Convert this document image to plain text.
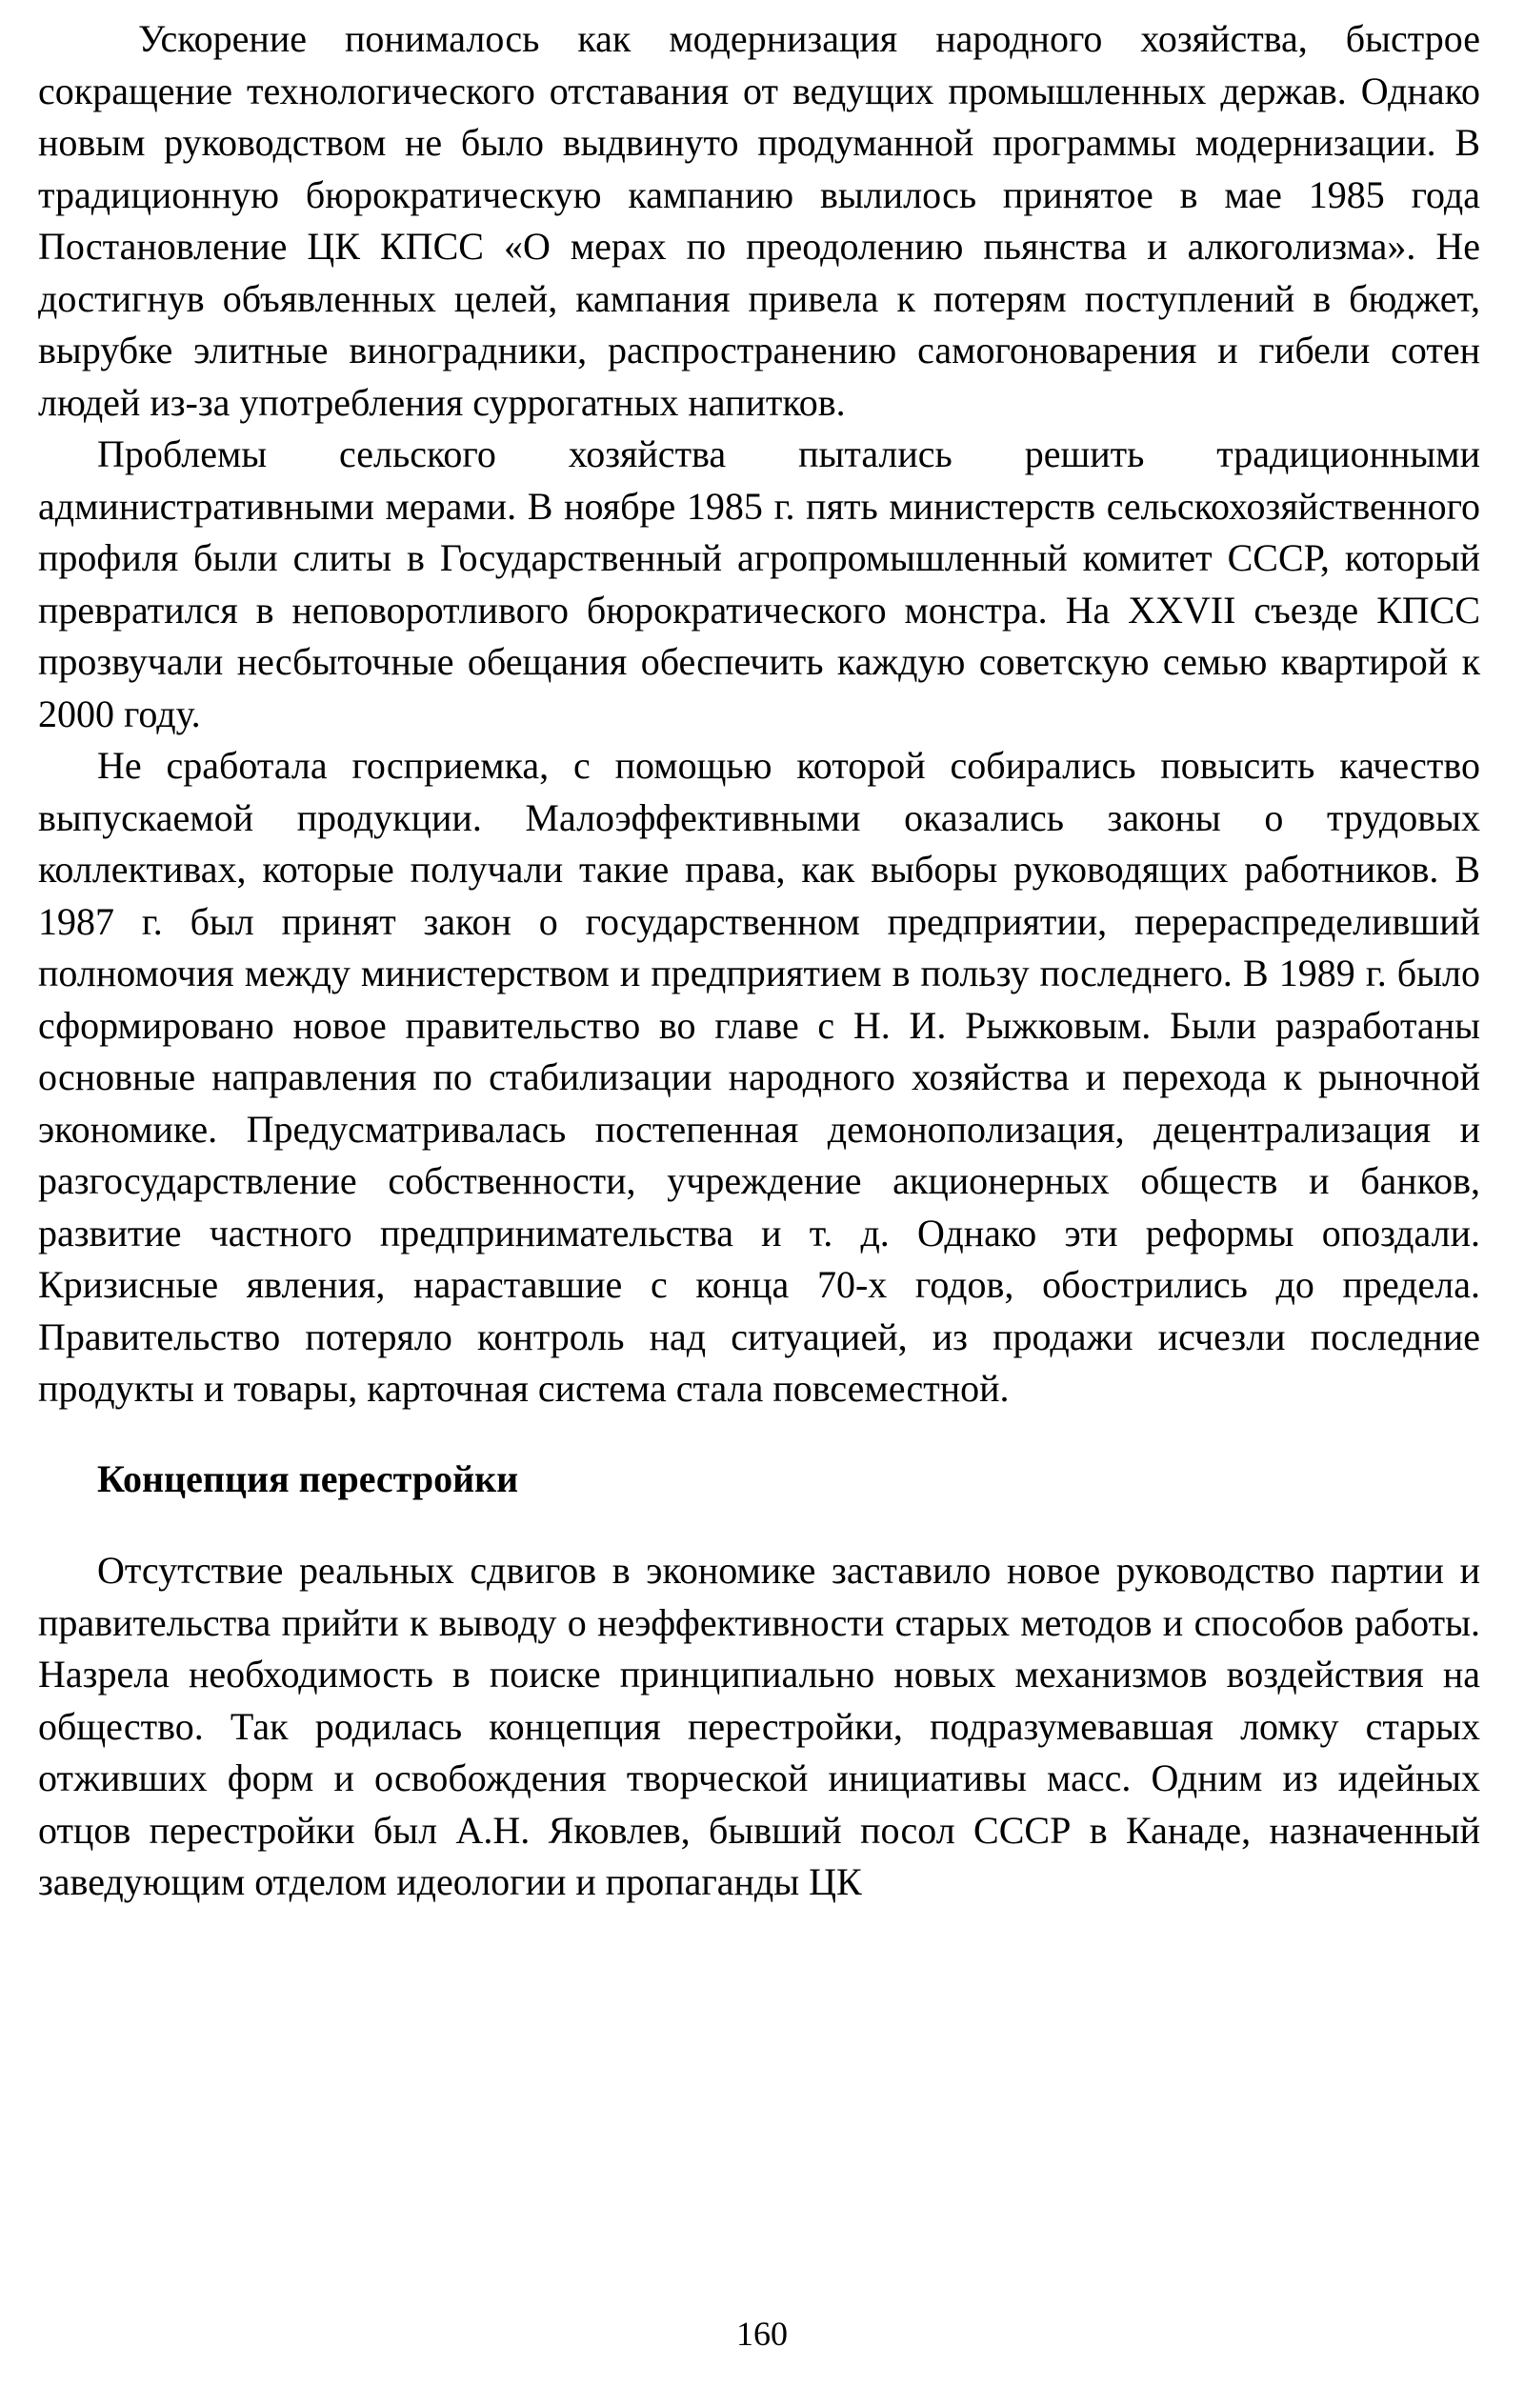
Ускорение понималось как модернизация народного хозяйства, быстрое сокращение технологического отставания от ведущих промышленных держав. Однако новым руководством не было выдвинуто продуманной программы модернизации. В традиционную бюрократическую кампанию вылилось принятое в мае 1985 года Постановление ЦК КПСС «О мерах по преодолению пьянства и алкоголизма». Не достигнув объявленных целей, кампания привела к потерям поступлений в бюджет, вырубке элитные виноградники, распространению самогоноварения и гибели сотен людей из-за употребления суррогатных напитков.

Проблемы сельского хозяйства пытались решить традиционными административными мерами. В ноябре 1985 г. пять министерств сельскохозяйственного профиля были слиты в Государственный агропромышленный комитет СССР, который превратился в неповоротливого бюрократического монстра. На XXVII съезде КПСС прозвучали несбыточные обещания обеспечить каждую советскую семью квартирой к 2000 году.

Не сработала госприемка, с помощью которой собирались повысить качество выпускаемой продукции. Малоэффективными оказались законы о трудовых коллективах, которые получали такие права, как выборы руководящих работников. В 1987 г. был принят закон о государственном предприятии, перераспределивший полномочия между министерством и предприятием в пользу последнего. В 1989 г. было сформировано новое правительство во главе с Н. И. Рыжковым. Были разработаны основные направления по стабилизации народного хозяйства и перехода к рыночной экономике. Предусматривалась постепенная демонополизация, децентрализация и разгосударствление собственности, учреждение акционерных обществ и банков, развитие частного предпринимательства и т. д. Однако эти реформы опоздали. Кризисные явления, нараставшие с конца 70-х годов, обострились до предела. Правительство потеряло контроль над ситуацией, из продажи исчезли последние продукты и товары, карточная система стала повсеместной.

Концепция перестройки

Отсутствие реальных сдвигов в экономике заставило новое руководство партии и правительства прийти к выводу о неэффективности старых методов и способов работы. Назрела необходимость в поиске принципиально новых механизмов воздействия на общество. Так родилась концепция перестройки, подразумевавшая ломку старых отживших форм и освобождения творческой инициативы масс. Одним из идейных отцов перестройки был А.Н. Яковлев, бывший посол СССР в Канаде, назначенный заведующим отделом идеологии и пропаганды ЦК

160
